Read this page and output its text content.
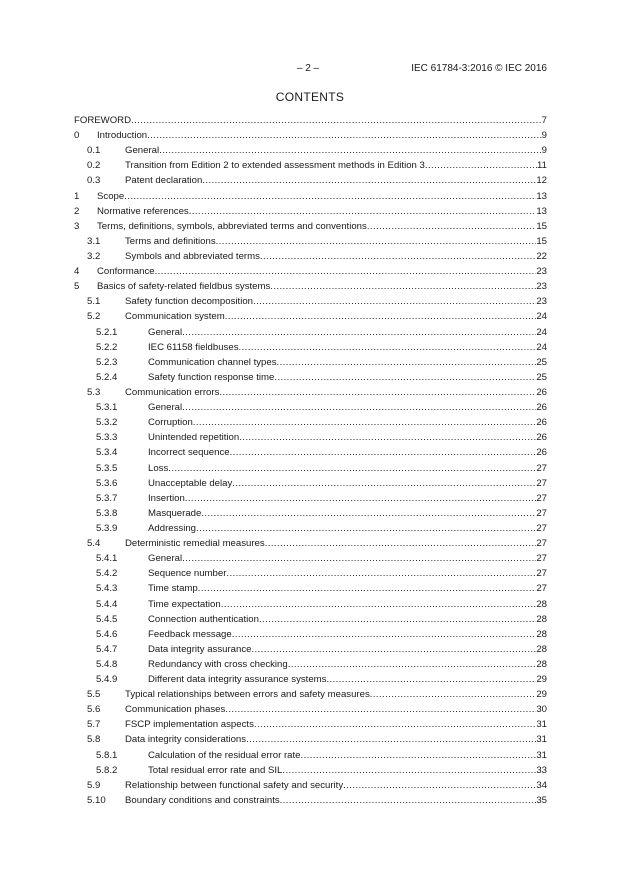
– 2 –	IEC 61784-3:2016 © IEC 2016
CONTENTS
FOREWORD .....	7
0 Introduction .....	9
0.1	General .....	9
0.2	Transition from Edition 2 to extended assessment methods in Edition 3 .....	11
0.3	Patent declaration .....	12
1 Scope .....	13
2 Normative references .....	13
3 Terms, definitions, symbols, abbreviated terms and conventions .....	15
3.1	Terms and definitions .....	15
3.2	Symbols and abbreviated terms .....	22
4 Conformance .....	23
5 Basics of safety-related fieldbus systems .....	23
5.1	Safety function decomposition .....	23
5.2	Communication system .....	24
5.2.1	General .....	24
5.2.2	IEC 61158 fieldbuses .....	24
5.2.3	Communication channel types .....	25
5.2.4	Safety function response time .....	25
5.3	Communication errors .....	26
5.3.1	General .....	26
5.3.2	Corruption .....	26
5.3.3	Unintended repetition .....	26
5.3.4	Incorrect sequence .....	26
5.3.5	Loss .....	27
5.3.6	Unacceptable delay .....	27
5.3.7	Insertion .....	27
5.3.8	Masquerade .....	27
5.3.9	Addressing .....	27
5.4	Deterministic remedial measures .....	27
5.4.1	General .....	27
5.4.2	Sequence number .....	27
5.4.3	Time stamp .....	27
5.4.4	Time expectation .....	28
5.4.5	Connection authentication .....	28
5.4.6	Feedback message .....	28
5.4.7	Data integrity assurance .....	28
5.4.8	Redundancy with cross checking .....	28
5.4.9	Different data integrity assurance systems .....	29
5.5	Typical relationships between errors and safety measures .....	29
5.6	Communication phases .....	30
5.7	FSCP implementation aspects .....	31
5.8	Data integrity considerations .....	31
5.8.1	Calculation of the residual error rate .....	31
5.8.2	Total residual error rate and SIL .....	33
5.9	Relationship between functional safety and security .....	34
5.10 Boundary conditions and constraints .....	35
